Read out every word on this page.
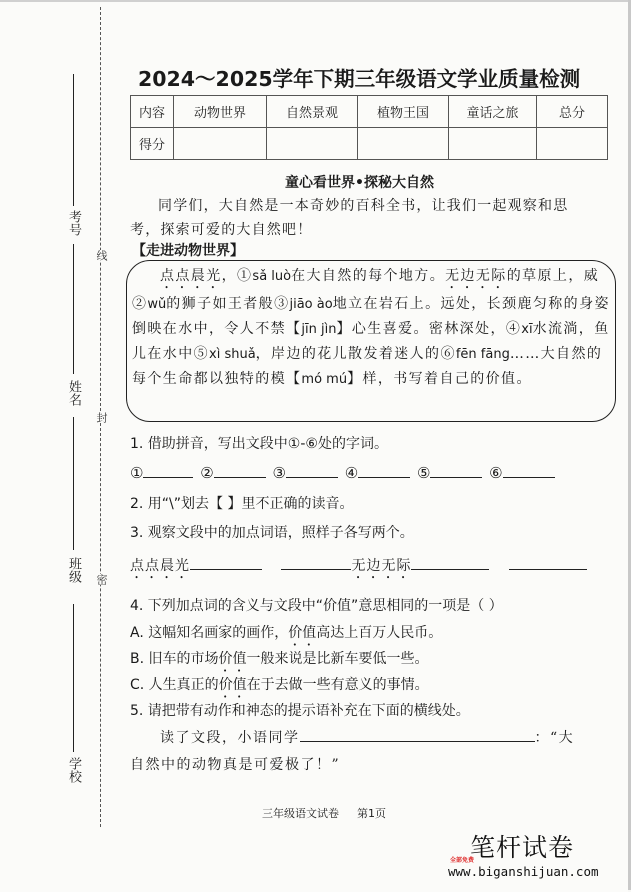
线
封
密
考号
姓名
班级
学校
2024～2025学年下期三年级语文学业质量检测
内容	动物世界	自然景观	植物王国	童话之旅	总分
得分					
童心看世界•探秘大自然
同学们，大自然是一本奇妙的百科全书，让我们一起观察和思
考，探索可爱的大自然吧！
【走进动物世界】
点点晨光，①sǎ luò在大自然的每个地方。无边无际的草原上，威②wǔ的狮子如王者般③jiāo ào地立在岩石上。远处，长颈鹿匀称的身姿倒映在水中，令人不禁【jīn jìn】心生喜爱。密林深处，④xī水流淌，鱼儿在水中⑤xì shuǎ，岸边的花儿散发着迷人的⑥fēn fāng……大自然的每个生命都以独特的模【mó mú】样，书写着自己的价值。
1. 借助拼音，写出文段中①-⑥处的字词。
①	②	③	④	⑤	⑥
2. 用“\”划去【 】里不正确的读音。
3. 观察文段中的加点词语，照样子各写两个。
点点晨光	无边无际
4. 下列加点词的含义与文段中“价值”意思相同的一项是（ ）
A. 这幅知名画家的画作，价值高达上百万人民币。
B. 旧车的市场价值一般来说是比新车要低一些。
C. 人生真正的价值在于去做一些有意义的事情。
5. 请把带有动作和神态的提示语补充在下面的横线处。
读了文段，小语同学	：“大
自然中的动物真是可爱极了！”
三年级语文试卷 第1页
笔杆试卷
全部免费
www.biganshijuan.com
